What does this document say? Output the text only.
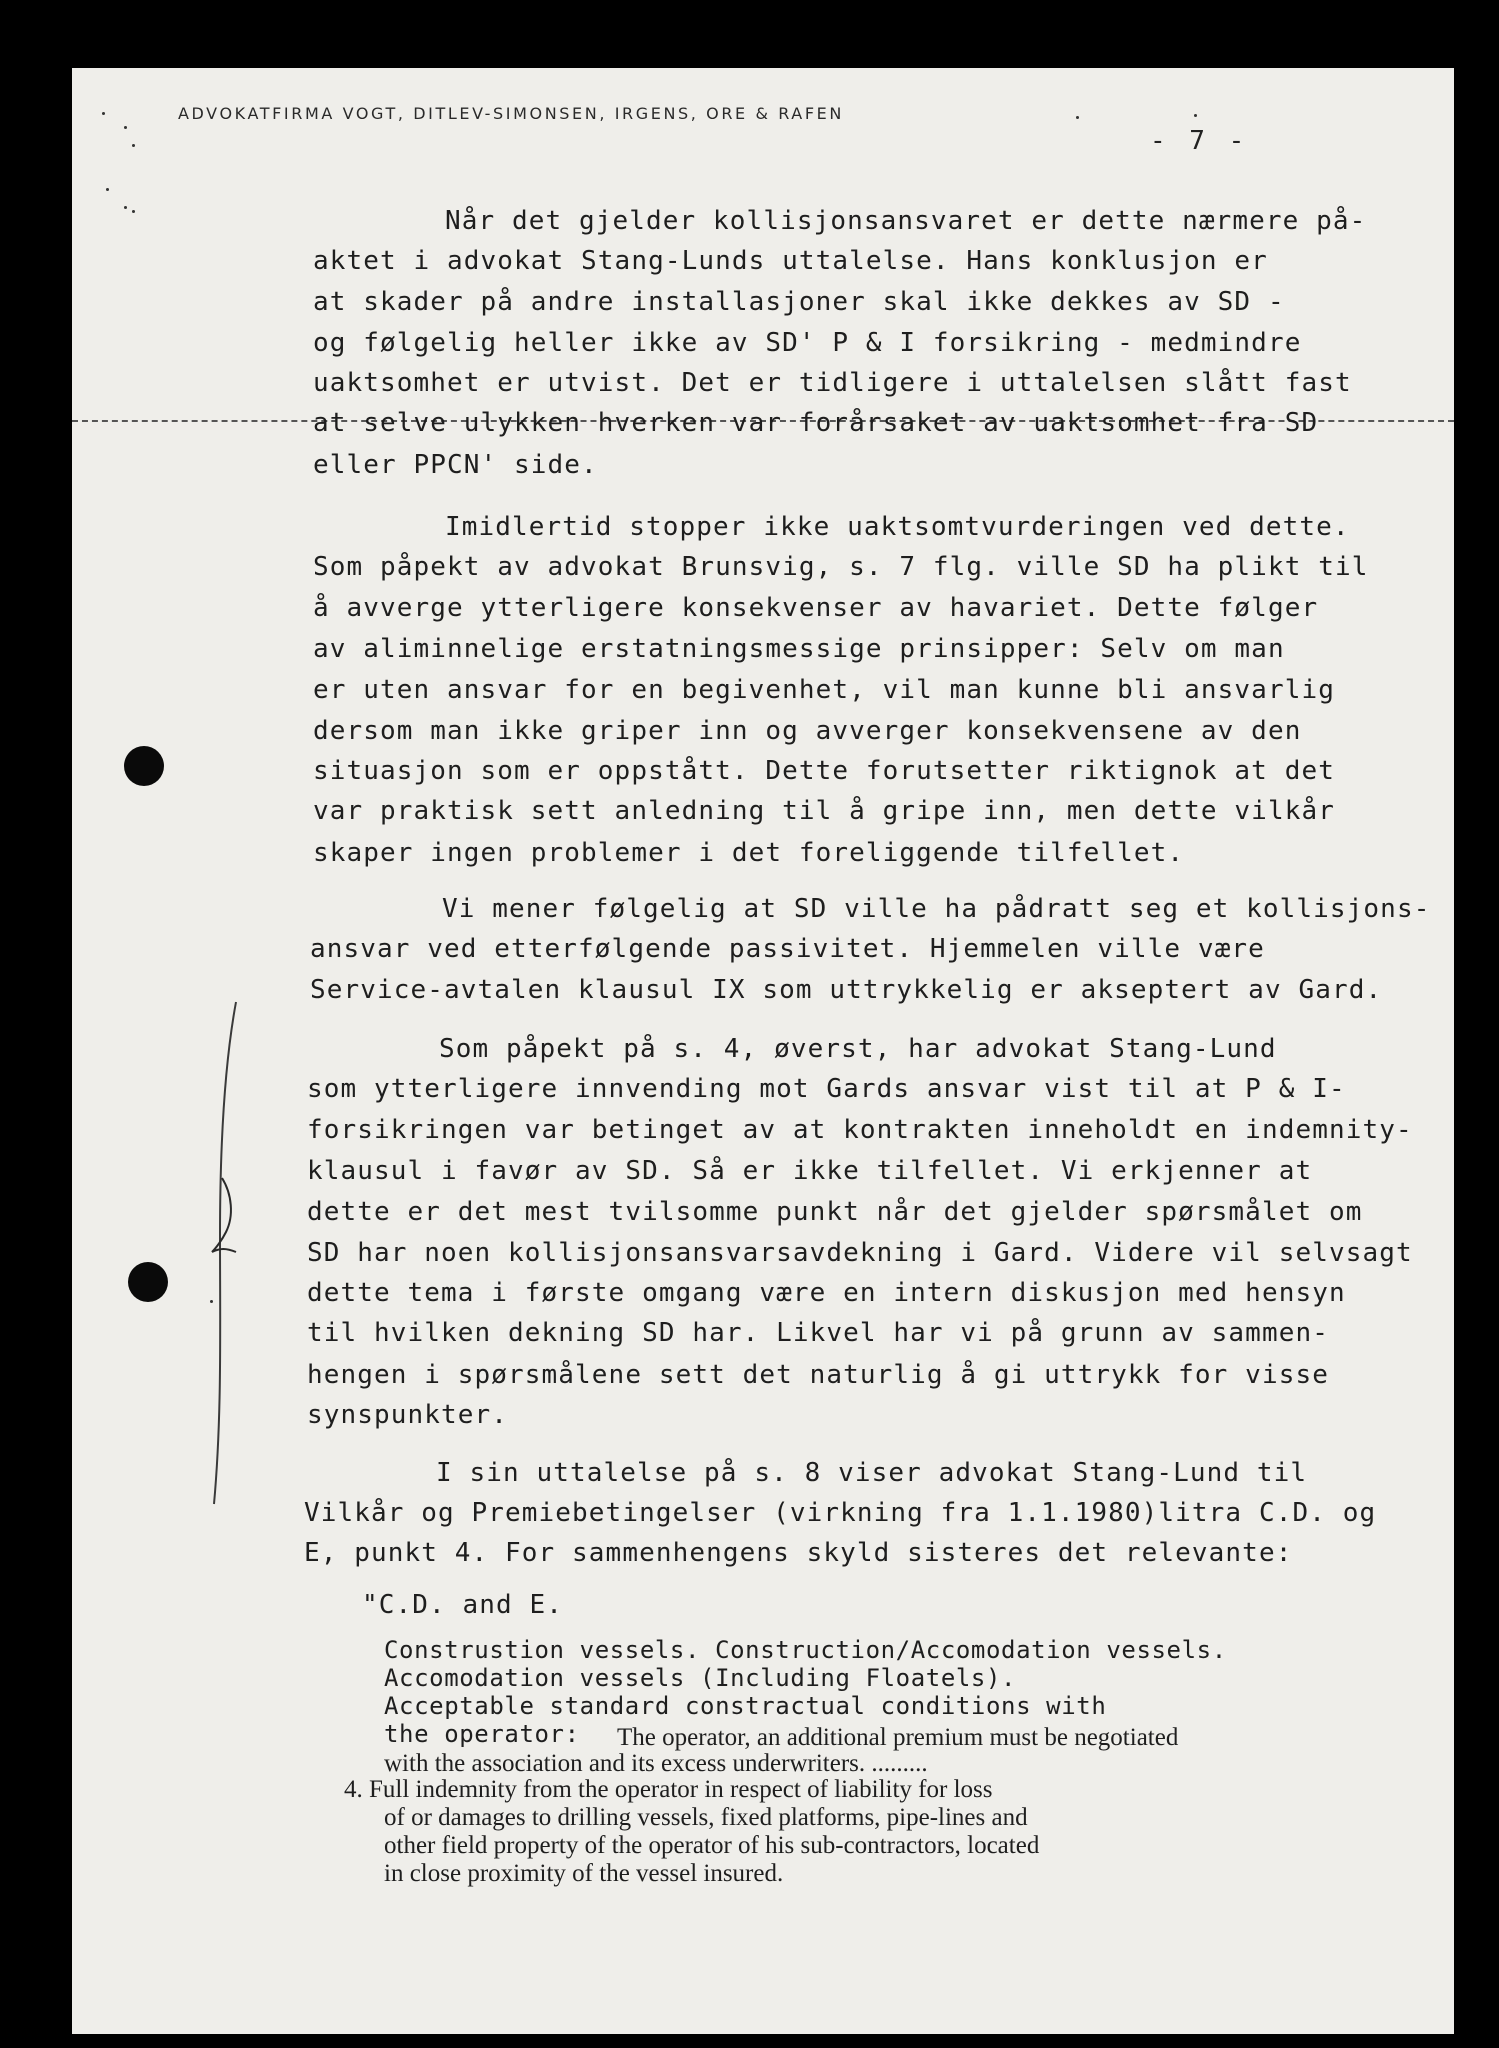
ADVOKATFIRMA VOGT, DITLEV-SIMONSEN, IRGENS, ORE & RAFEN
- 7 -
Når det gjelder kollisjonsansvaret er dette nærmere på-
aktet i advokat Stang-Lunds uttalelse. Hans konklusjon er
at skader på andre installasjoner skal ikke dekkes av SD -
og følgelig heller ikke av SD' P & I forsikring - medmindre
uaktsomhet er utvist. Det er tidligere i uttalelsen slått fast
at selve ulykken hverken var forårsaket av uaktsomhet fra SD
eller PPCN' side.
Imidlertid stopper ikke uaktsomtvurderingen ved dette.
Som påpekt av advokat Brunsvig, s. 7 flg. ville SD ha plikt til
å avverge ytterligere konsekvenser av havariet. Dette følger
av aliminnelige erstatningsmessige prinsipper: Selv om man
er uten ansvar for en begivenhet, vil man kunne bli ansvarlig
dersom man ikke griper inn og avverger konsekvensene av den
situasjon som er oppstått. Dette forutsetter riktignok at det
var praktisk sett anledning til å gripe inn, men dette vilkår
skaper ingen problemer i det foreliggende tilfellet.
Vi mener følgelig at SD ville ha pådratt seg et kollisjons-
ansvar ved etterfølgende passivitet. Hjemmelen ville være
Service-avtalen klausul IX som uttrykkelig er akseptert av Gard.
Som påpekt på s. 4, øverst, har advokat Stang-Lund
som ytterligere innvending mot Gards ansvar vist til at P & I-
forsikringen var betinget av at kontrakten inneholdt en indemnity-
klausul i favør av SD. Så er ikke tilfellet. Vi erkjenner at
dette er det mest tvilsomme punkt når det gjelder spørsmålet om
SD har noen kollisjonsansvarsavdekning i Gard. Videre vil selvsagt
dette tema i første omgang være en intern diskusjon med hensyn
til hvilken dekning SD har. Likvel har vi på grunn av sammen-
hengen i spørsmålene sett det naturlig å gi uttrykk for visse
synspunkter.
I sin uttalelse på s. 8 viser advokat Stang-Lund til
Vilkår og Premiebetingelser (virkning fra 1.1.1980)litra C.D. og
E, punkt 4. For sammenhengens skyld sisteres det relevante:
"C.D. and E.
Construstion vessels. Construction/Accomodation vessels.
Accomodation vessels (Including Floatels).
Acceptable standard constractual conditions with
the operator: The operator, an additional premium must be negotiated
with the association and its excess underwriters. .........
4. Full indemnity from the operator in respect of liability for loss
of or damages to drilling vessels, fixed platforms, pipe-lines and
other field property of the operator of his sub-contractors, located
in close proximity of the vessel insured.
